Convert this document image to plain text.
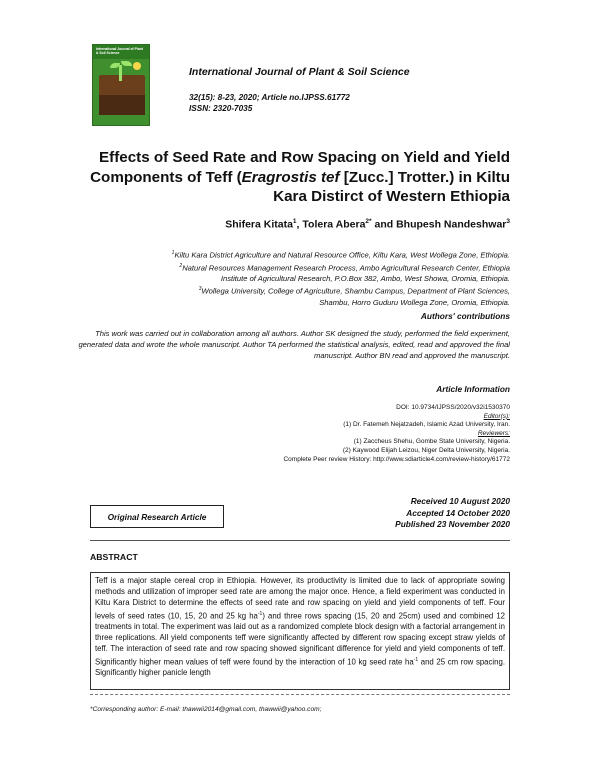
International Journal of Plant & Soil Science
International Journal of Plant & Soil Science
32(15): 8-23, 2020; Article no.IJPSS.61772
ISSN: 2320-7035
Effects of Seed Rate and Row Spacing on Yield and Yield Components of Teff (Eragrostis tef [Zucc.] Trotter.) in Kiltu Kara Distirct of Western Ethiopia
Shifera Kitata$^1$, Tolera Abera$^{2*}$ and Bhupesh Nandeshwar$^3$
$^1$Kiltu Kara District Agriculture and Natural Resource Office, Kiltu Kara, West Wollega Zone, Ethiopia.
$^2$Natural Resources Management Research Process, Ambo Agricultural Research Center, Ethiopia
Institute of Agricultural Research, P.O.Box 382, Ambo, West Showa, Oromia, Ethiopia.
$^3$Wollega University, College of Agriculture, Shambu Campus, Department of Plant Sciences,
Shambu, Horro Guduru Wollega Zone, Oromia, Ethiopia.
Authors' contributions
This work was carried out in collaboration among all authors. Author SK designed the study, performed the field experiment, generated data and wrote the whole manuscript. Author TA performed the statistical analysis, edited, read and approved the final manuscript. Author BN read and approved the manuscript.
Article Information
DOI: 10.9734/IJPSS/2020/v32i1530370
Editor(s):
(1) Dr. Fatemeh Nejatzadeh, Islamic Azad University, Iran.
Reviewers:
(1) Zaccheus Shehu, Gombe State University, Nigeria.
(2) Kaywood Elijah Leizou, Niger Delta University, Nigeria.
Complete Peer review History: http://www.sdiarticle4.com/review-history/61772
Received 10 August 2020
Accepted 14 October 2020
Published 23 November 2020
Original Research Article
ABSTRACT
Teff is a major staple cereal crop in Ethiopia. However, its productivity is limited due to lack of appropriate sowing methods and utilization of improper seed rate are among the major once. Hence, a field experiment was conducted in Kiltu Kara District to determine the effects of seed rate and row spacing on yield and yield components of teff. Four levels of seed rates (10, 15, 20 and 25 kg $ha^{-1}$) and three rows spacing (15, 20 and 25cm) used and combined 12 treatments in total. The experiment was laid out as a randomized complete block design with a factorial arrangement in three replications. All yield components teff were significantly affected by different row spacing except straw yields of teff. The interaction of seed rate and row spacing showed significant difference for yield and yield components of teff. Significantly higher mean values of teff were found by the interaction of 10 kg seed rate $ha^{-1}$ and 25 cm row spacing. Significantly higher panicle length
*Corresponding author: E-mail: thawwii2014@gmail.com, thawwii@yahoo.com;
